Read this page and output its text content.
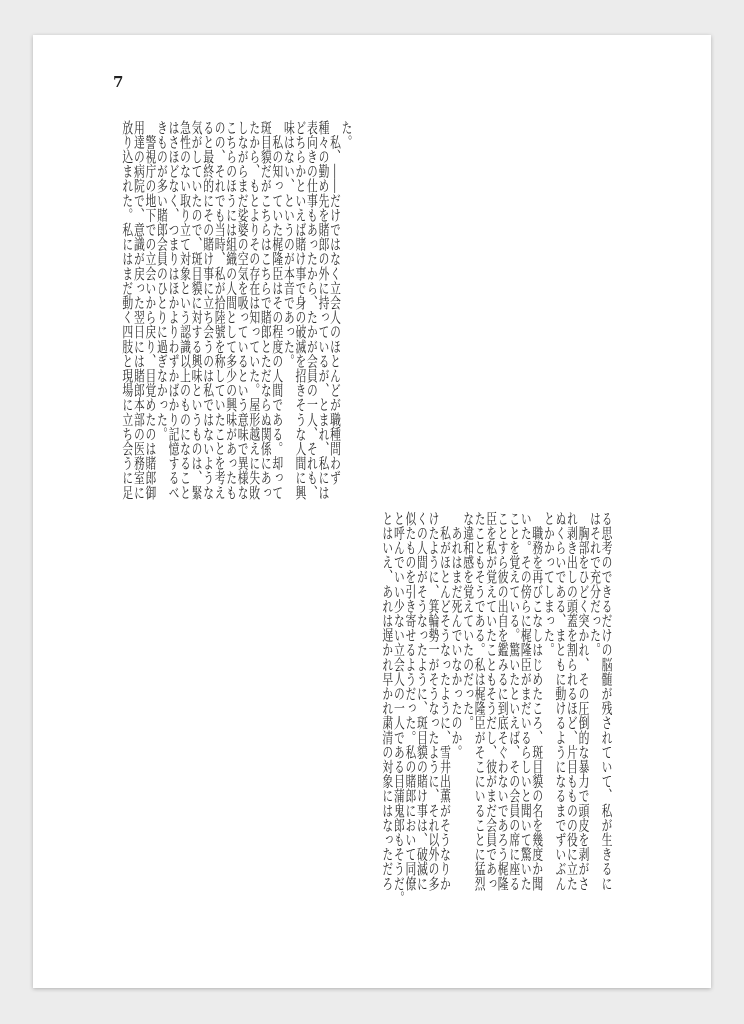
7
た。
　私、――だけではなく立会人のほとんどが職種問わず
種々の勤め先を賭郎の外に持っているが、とまれ、私には
表向きの仕事もあったから、たかが会員の一人、それも、
どちらかといえば賭け事で身の破滅を招きそうな人間に興
味はない、というのが本音であった。
　私の知っていた梶隆臣はその程度の人間である。却って
斑目貘だがこちらはこちらで賭郎とただならぬ関係にあっ
たから、もとよりその存在は知っていた。屋形越えに失敗
しながらまだ娑婆の空気を吸っているという意味で異様な
こちらのほうには組織の人間として多少の興味があったも
のの、それでも当時、私が拾陸號を称していたことを考え
ると最終的にその賭け事に立ち会うのは私ではないような
気がしていたので、斑目貘に対する興味というものは、緊
急性のない取り立て対象という認識以上のものになること
はさほどなく、つまりはほかよりわずかばかり記憶するべ
きものが多い賭郎会員のひとりに過ぎなかった。
　警視庁の地下での立会いから戻り、目覚めたのは賭郎御
用達の病院で、意識が戻った翌日には賭郎本部の医務室に
放り込まれた。私にはまだ動く四肢と現場に立ち会うに足
る思考のできるだけの脳髄が残されていて、私が生きるに
はそれで充分だった。
　胸部をひどく突かれ、その圧倒的な暴力で頭皮を剥がさ
れ剥き出しの頭蓋を割られるほど、片目もものの役に立た
ぬくらいである、まともに動けるようになるまでずいぶん
とかかってしまった。
　職務を再びこなしはじめたころ、斑目貘の名を幾度か聞
いた。その傍らに梶隆臣がまだいるらしいと聞いて驚いた
ことを覚えている。驚いたといえば、その会員の席に座る
ことすら彼の出自を鑑みるに到底そぐわないであろう梶隆
臣を私が覚えていたこともそうだし、彼がまだ会員であっ
たこともそうである。私は梶隆臣がそこにいることに猛烈
な違和感を覚えていたのだった。
　あれはまだ死んでいなかったのか。
　私がほとんどそうなったように、雪井出薫がそうなりか
けたように、箕輪勢一がそうなったように、それ以外の多
くの人間がそうなったように、斑目貘の賭け事は、破滅に
似たものを引き寄せるようだった。私の賭郎において同僚
と呼んでいい少ない立会人の一人である目蒲鬼郎もそうだ。
とはいえ、あれは遅かれ早かれ粛清の対象にはなっただろ
